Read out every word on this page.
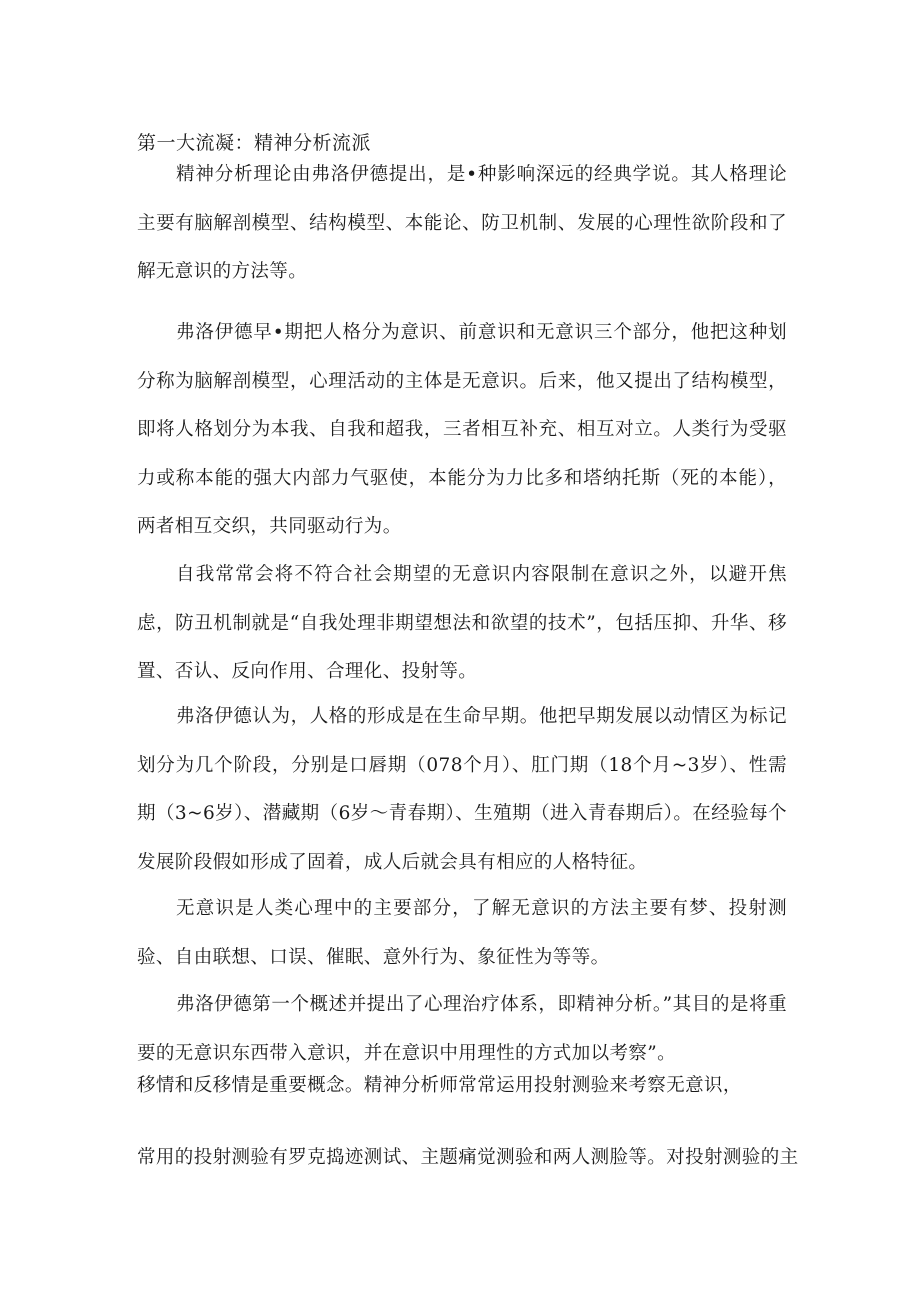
第一大流凝：精神分析流派

精神分析理论由弗洛伊德提出，是•种影响深远的经典学说。其人格理论主要有脑解剖模型、结构模型、本能论、防卫机制、发展的心理性欲阶段和了解无意识的方法等。

弗洛伊德早•期把人格分为意识、前意识和无意识三个部分，他把这种划分称为脑解剖模型，心理活动的主体是无意识。后来，他又提出了结构模型，即将人格划分为本我、自我和超我，三者相互补充、相互对立。人类行为受驱力或称本能的强大内部力气驱使，本能分为力比多和塔纳托斯（死的本能），两者相互交织，共同驱动行为。

自我常常会将不符合社会期望的无意识内容限制在意识之外，以避开焦虑，防丑机制就是“自我处理非期望想法和欲望的技术”，包括压抑、升华、移置、否认、反向作用、合理化、投射等。

弗洛伊德认为，人格的形成是在生命早期。他把早期发展以动情区为标记划分为几个阶段，分别是口唇期（078个月）、肛门期（18个月~3岁）、性需期（3~6岁）、潜藏期（6岁～青春期）、生殖期（进入青春期后）。在经验每个发展阶段假如形成了固着，成人后就会具有相应的人格特征。

无意识是人类心理中的主要部分，了解无意识的方法主要有梦、投射测验、自由联想、口误、催眠、意外行为、象征性为等等。

弗洛伊德第一个概述并提出了心理治疗体系，即精神分析。”其目的是将重要的无意识东西带入意识，并在意识中用理性的方式加以考察”。

移情和反移情是重要概念。精神分析师常常运用投射测验来考察无意识，
常用的投射测验有罗克捣迹测试、主题痛觉测验和两人测脸等。对投射测验的主
